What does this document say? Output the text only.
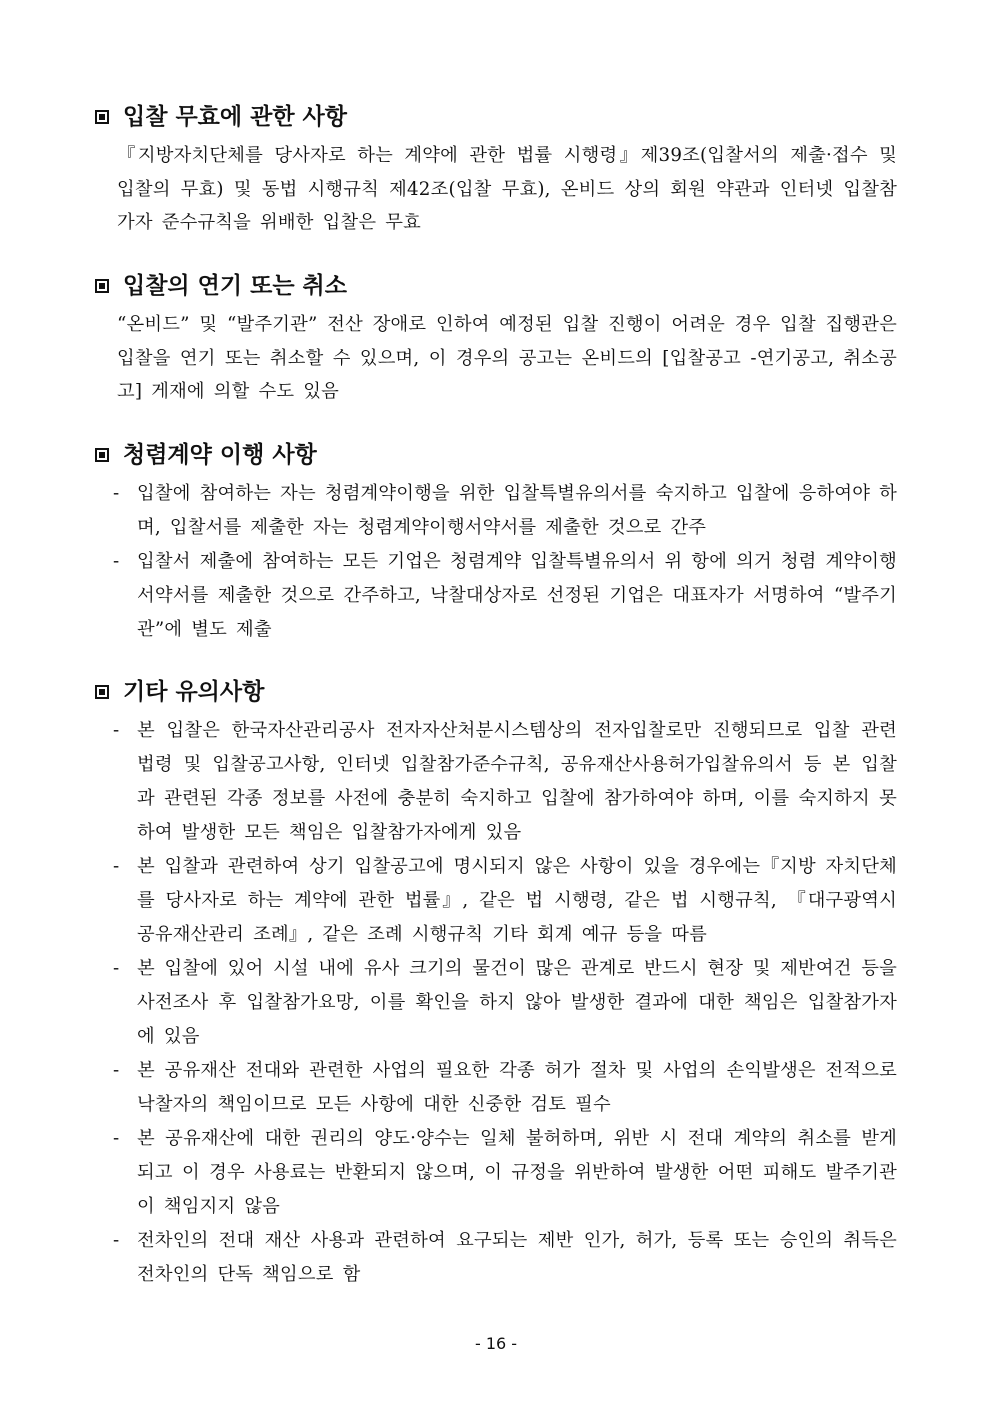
입찰 무효에 관한 사항
『지방자치단체를 당사자로 하는 계약에 관한 법률 시행령』제39조(입찰서의 제출·접수 및 입찰의 무효) 및 동법 시행규칙 제42조(입찰 무효), 온비드 상의 회원 약관과 인터넷 입찰참가자 준수규칙을 위배한 입찰은 무효
입찰의 연기 또는 취소
“온비드” 및 “발주기관” 전산 장애로 인하여 예정된 입찰 진행이 어려운 경우 입찰 집행관은 입찰을 연기 또는 취소할 수 있으며, 이 경우의 공고는 온비드의 [입찰공고 -연기공고, 취소공고] 게재에 의할 수도 있음
청렴계약 이행 사항
- 입찰에 참여하는 자는 청렴계약이행을 위한 입찰특별유의서를 숙지하고 입찰에 응하여야 하며, 입찰서를 제출한 자는 청렴계약이행서약서를 제출한 것으로 간주
- 입찰서 제출에 참여하는 모든 기업은 청렴계약 입찰특별유의서 위 항에 의거 청렴 계약이행서약서를 제출한 것으로 간주하고, 낙찰대상자로 선정된 기업은 대표자가 서명하여 “발주기관”에 별도 제출
기타 유의사항
- 본 입찰은 한국자산관리공사 전자자산처분시스템상의 전자입찰로만 진행되므로 입찰 관련 법령 및 입찰공고사항, 인터넷 입찰참가준수규칙, 공유재산사용허가입찰유의서 등 본 입찰과 관련된 각종 정보를 사전에 충분히 숙지하고 입찰에 참가하여야 하며, 이를 숙지하지 못하여 발생한 모든 책임은 입찰참가자에게 있음
- 본 입찰과 관련하여 상기 입찰공고에 명시되지 않은 사항이 있을 경우에는『지방 자치단체를 당사자로 하는 계약에 관한 법률』, 같은 법 시행령, 같은 법 시행규칙, 『대구광역시 공유재산관리 조례』, 같은 조례 시행규칙 기타 회계 예규 등을 따름
- 본 입찰에 있어 시설 내에 유사 크기의 물건이 많은 관계로 반드시 현장 및 제반여건 등을 사전조사 후 입찰참가요망, 이를 확인을 하지 않아 발생한 결과에 대한 책임은 입찰참가자에 있음
- 본 공유재산 전대와 관련한 사업의 필요한 각종 허가 절차 및 사업의 손익발생은 전적으로 낙찰자의 책임이므로 모든 사항에 대한 신중한 검토 필수
- 본 공유재산에 대한 권리의 양도·양수는 일체 불허하며, 위반 시 전대 계약의 취소를 받게 되고 이 경우 사용료는 반환되지 않으며, 이 규정을 위반하여 발생한 어떤 피해도 발주기관이 책임지지 않음
- 전차인의 전대 재산 사용과 관련하여 요구되는 제반 인가, 허가, 등록 또는 승인의 취득은 전차인의 단독 책임으로 함
- 16 -
